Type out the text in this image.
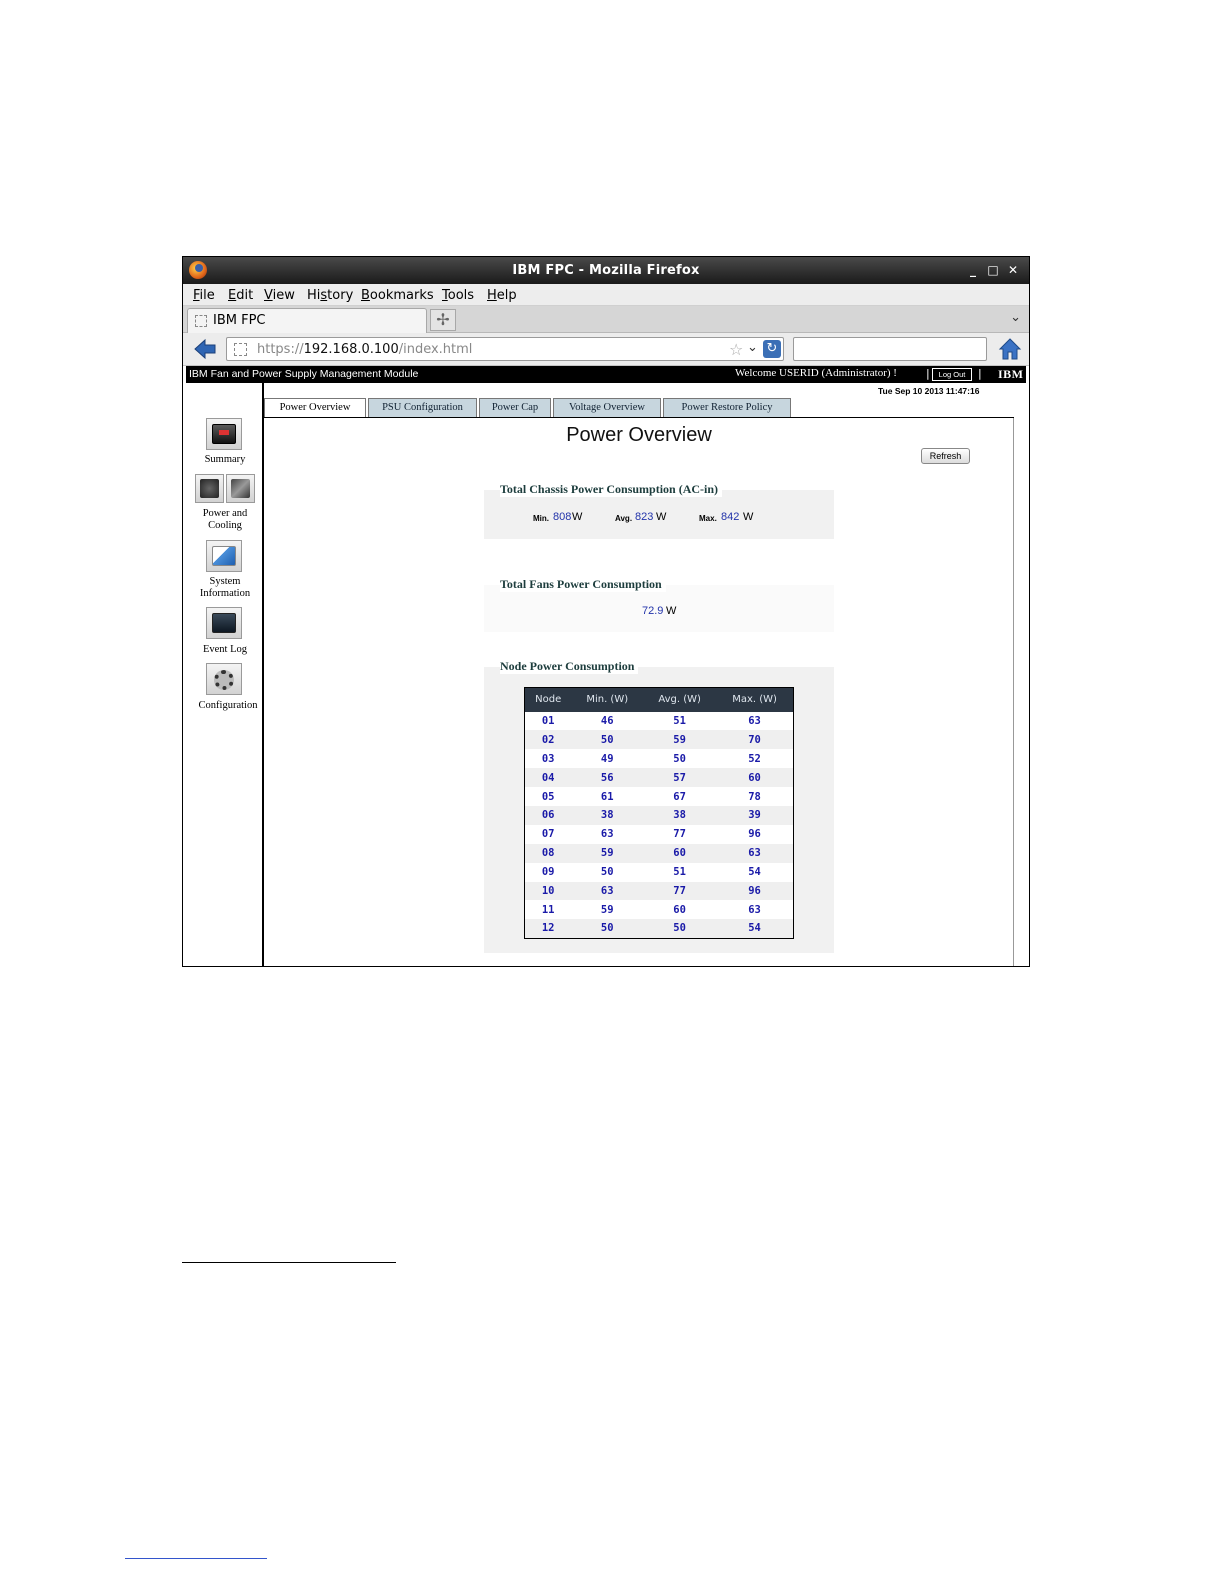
IBM FPC - Mozilla Firefox	_ □ ✕
File Edit View History Bookmarks Tools Help
IBM FPC	✢	⌄
https://192.168.0.100/index.html	☆ ⌄ ↻
IBM Fan and Power Supply Management Module	Welcome USERID (Administrator) !	|	Log Out	| IBM
Tue Sep 10 2013 11:47:16
Summary
Power and
Cooling
System
Information
Event Log
Configuration
Power Overview	PSU Configuration	Power Cap	Voltage Overview	Power Restore Policy
Power Overview
Refresh
Total Chassis Power Consumption (AC-in)
Min. 808 W	Avg. 823 W	Max. 842 W
Total Fans Power Consumption
72.9 W
Node Power Consumption
Node	Min. (W)	Avg. (W)	Max. (W)
01	46	51	63
02	50	59	70
03	49	50	52
04	56	57	60
05	61	67	78
06	38	38	39
07	63	77	96
08	59	60	63
09	50	51	54
10	63	77	96
11	59	60	63
12	50	50	54
